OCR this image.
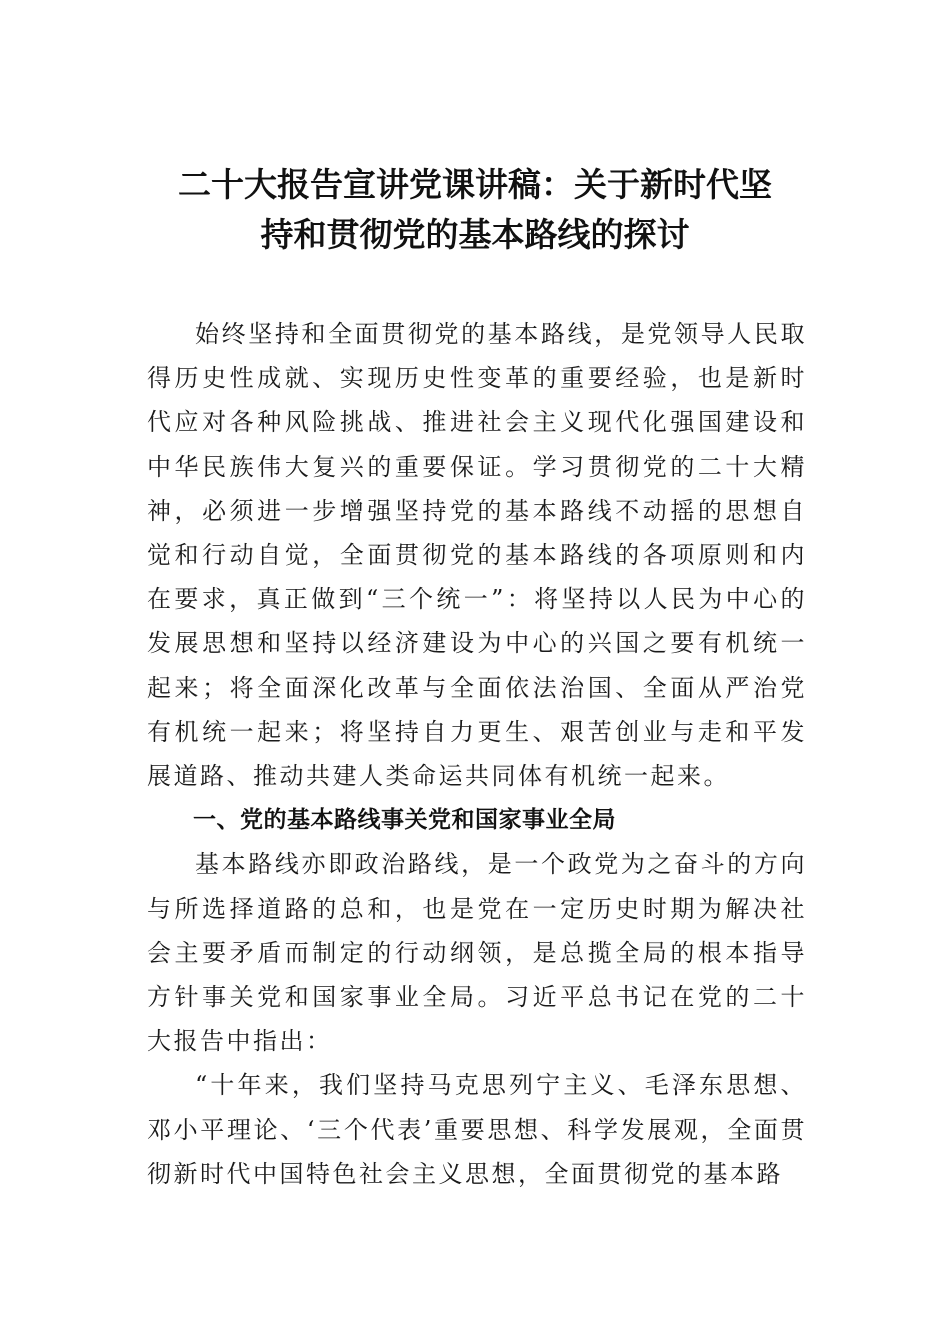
二十大报告宣讲党课讲稿：关于新时代坚
持和贯彻党的基本路线的探讨

始终坚持和全面贯彻党的基本路线，是党领导人民取得历史性成就、实现历史性变革的重要经验，也是新时代应对各种风险挑战、推进社会主义现代化强国建设和中华民族伟大复兴的重要保证。学习贯彻党的二十大精神，必须进一步增强坚持党的基本路线不动摇的思想自觉和行动自觉，全面贯彻党的基本路线的各项原则和内在要求，真正做到“三个统一”：将坚持以人民为中心的发展思想和坚持以经济建设为中心的兴国之要有机统一起来；将全面深化改革与全面依法治国、全面从严治党有机统一起来；将坚持自力更生、艰苦创业与走和平发展道路、推动共建人类命运共同体有机统一起来。

一、党的基本路线事关党和国家事业全局

基本路线亦即政治路线，是一个政党为之奋斗的方向与所选择道路的总和，也是党在一定历史时期为解决社会主要矛盾而制定的行动纲领，是总揽全局的根本指导方针事关党和国家事业全局。习近平总书记在党的二十大报告中指出：

“十年来，我们坚持马克思列宁主义、毛泽东思想、邓小平理论、‘三个代表’重要思想、科学发展观，全面贯彻新时代中国特色社会主义思想，全面贯彻党的基本路
